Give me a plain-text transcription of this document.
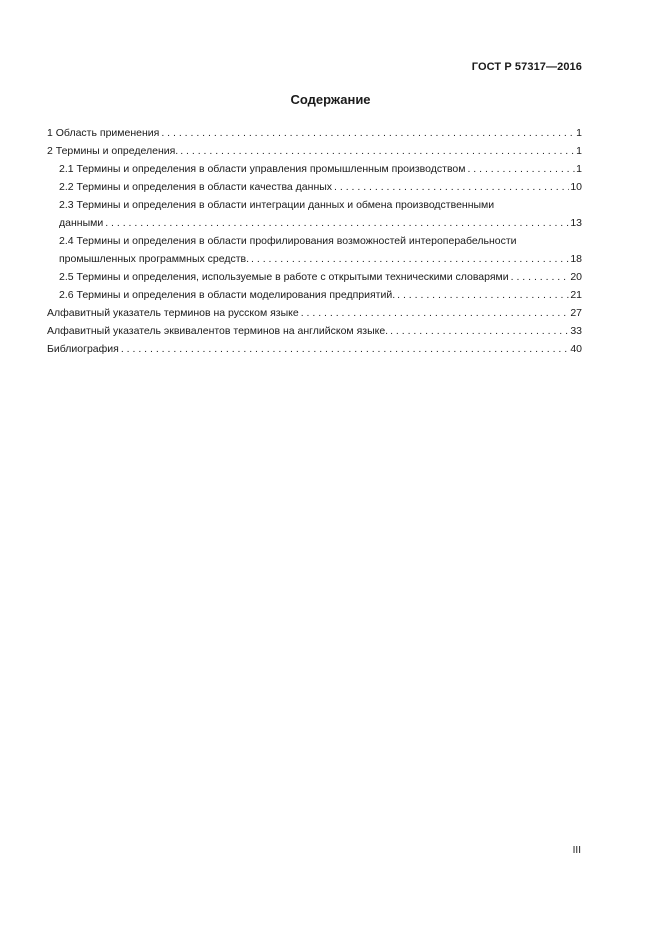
ГОСТ Р 57317—2016
Содержание
1 Область применения . . .	1
2 Термины и определения. . . .	1
2.1 Термины и определения в области управления промышленным производством . . .	1
2.2 Термины и определения в области качества данных . . .	10
2.3 Термины и определения в области интеграции данных и обмена производственными
данными . . .	13
2.4 Термины и определения в области профилирования возможностей интероперабельности
промышленных программных средств. . . .	18
2.5 Термины и определения, используемые в работе с открытыми техническими словарями . . .	20
2.6 Термины и определения в области моделирования предприятий. . . .	21
Алфавитный указатель терминов на русском языке . . .	27
Алфавитный указатель эквивалентов терминов на английском языке. . . .	33
Библиография . . .	40
III
